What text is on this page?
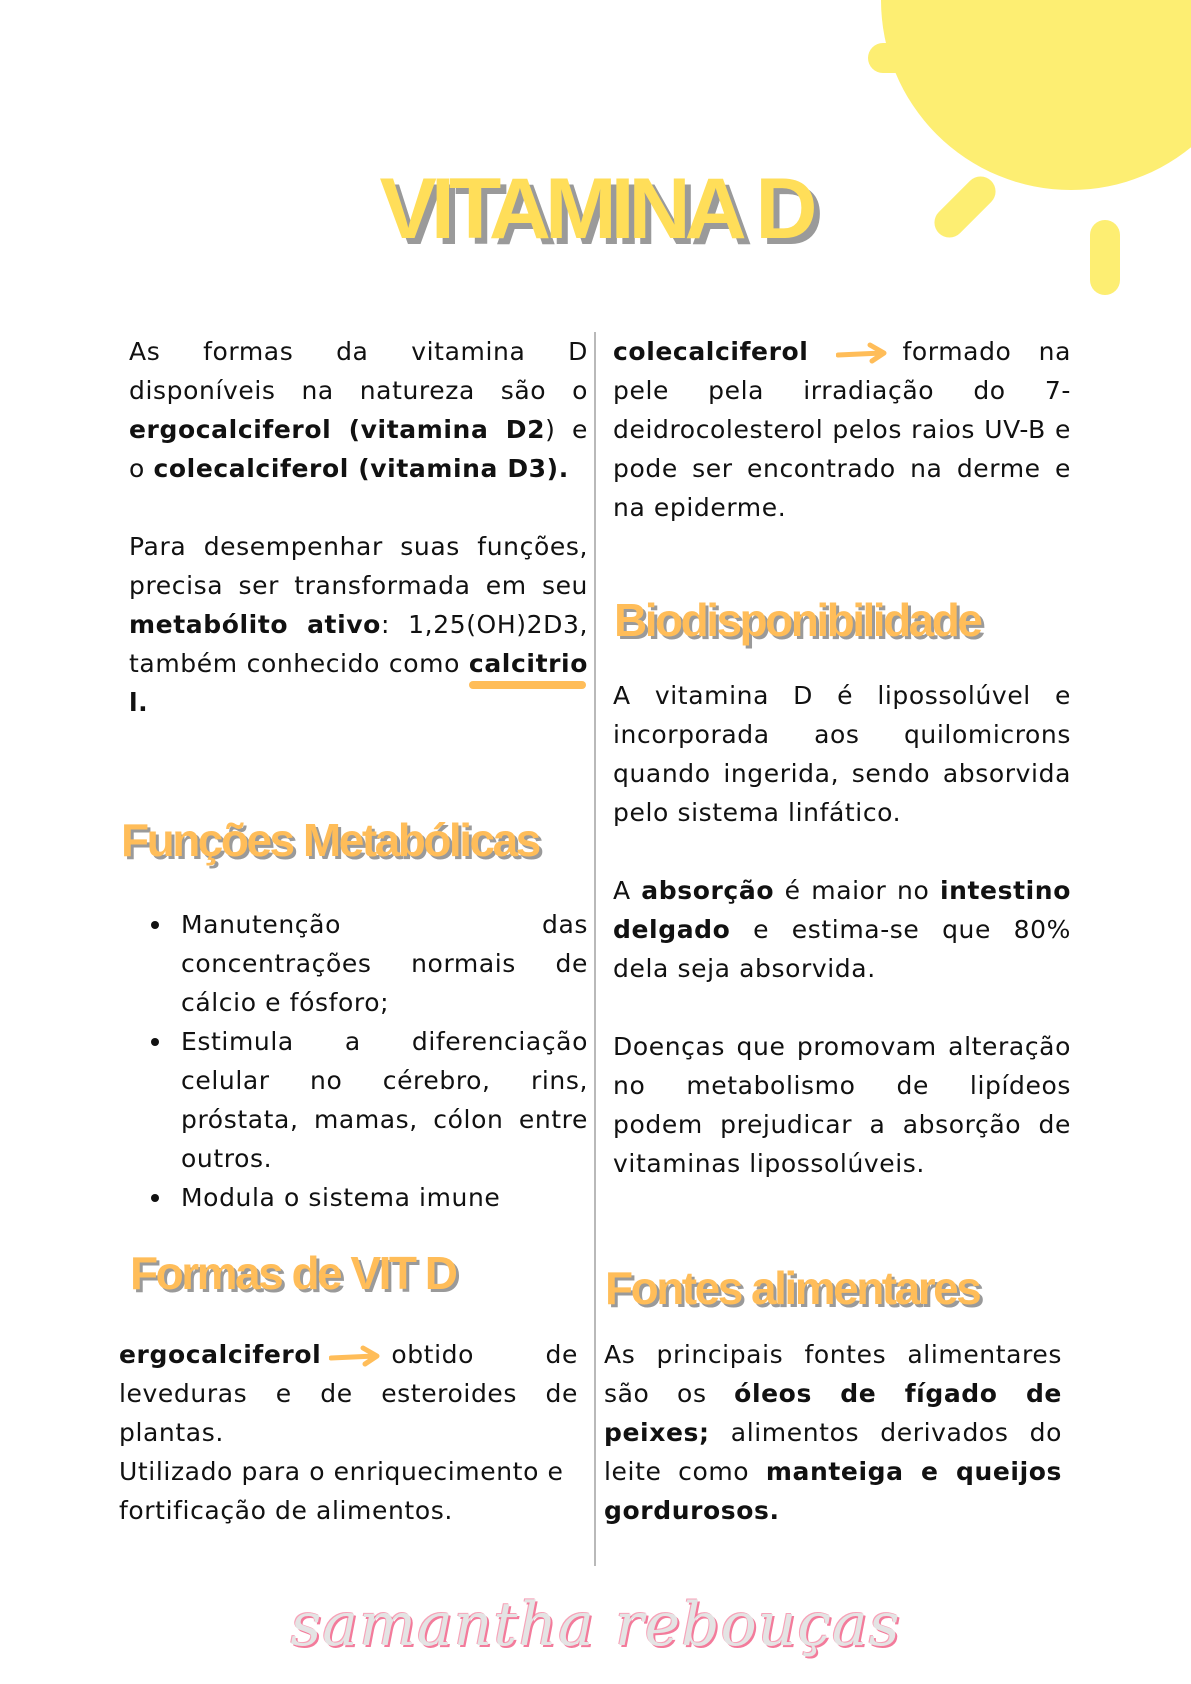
VITAMINA D

As formas da vitamina D disponíveis na natureza são o ergocalciferol (vitamina D2) e o colecalciferol (vitamina D3).

Para desempenhar suas funções, precisa ser transformada em seu metabólito ativo: 1,25(OH)2D3, também conhecido como calcitriol.

Funções Metabólicas
Manutenção das concentrações normais de cálcio e fósforo;
Estimula a diferenciação celular no cérebro, rins, próstata, mamas, cólon entre outros.
Modula o sistema imune
Formas de VIT D

ergocalciferol	obtido de leveduras e de esteroides de plantas.

Utilizado para o enriquecimento e fortificação de alimentos.

colecalciferol	formado na pele pela irradiação do 7-deidrocolesterol pelos raios UV-B e pode ser encontrado na derme e na epiderme.

Biodisponibilidade

A vitamina D é lipossolúvel e incorporada aos quilomicrons quando ingerida, sendo absorvida pelo sistema linfático.

A absorção é maior no intestino delgado e estima-se que 80% dela seja absorvida.

Doenças que promovam alteração no metabolismo de lipídeos podem prejudicar a absorção de vitaminas lipossolúveis.

Fontes alimentares

As principais fontes alimentares são os óleos de fígado de peixes; alimentos derivados do leite como manteiga e queijos gordurosos.

samantha rebouças
